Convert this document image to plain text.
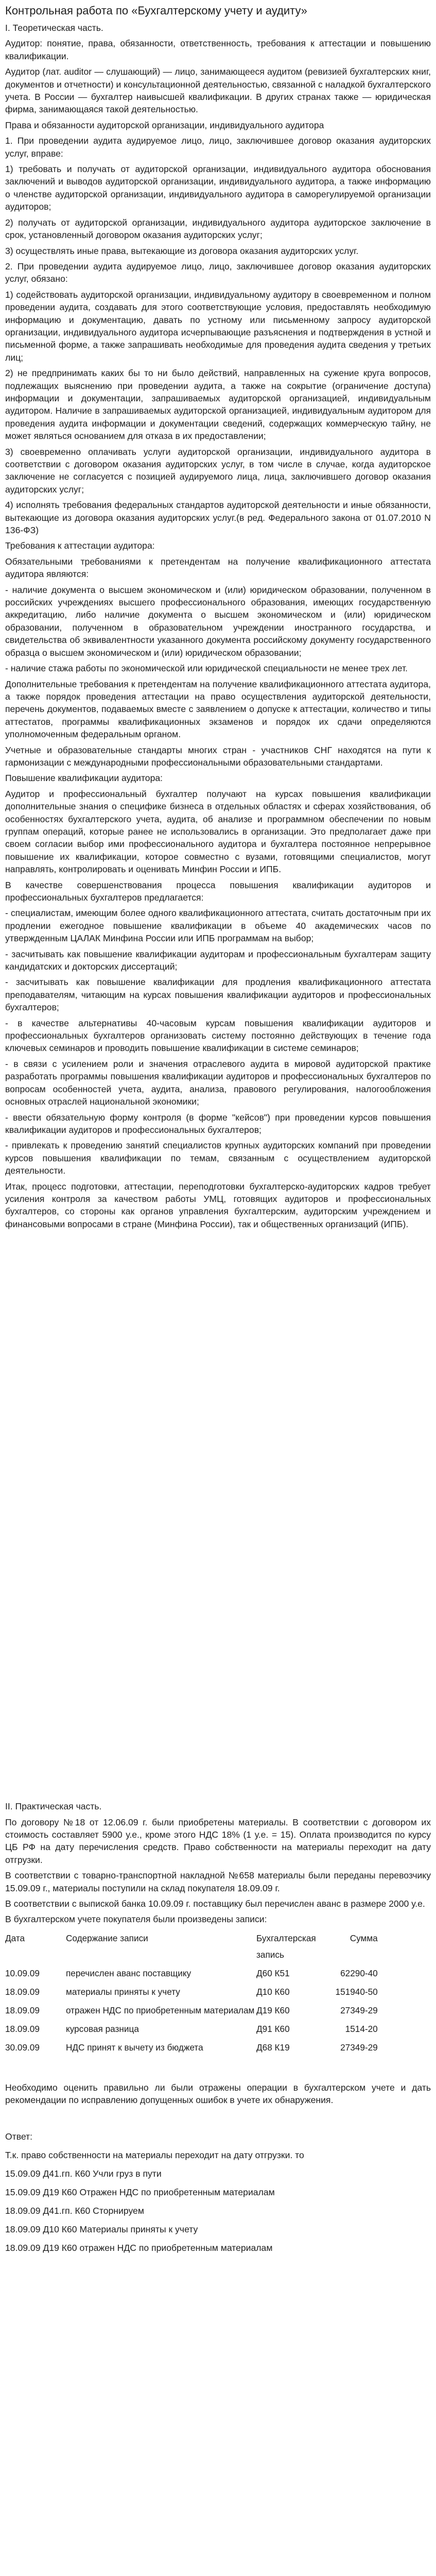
Контрольная работа по «Бухгалтерскому учету и аудиту»
I. Теоретическая часть.
Аудитор: понятие, права, обязанности, ответственность, требования к аттестации и повышению квалификации.
Аудитор (лат. auditor — слушающий) — лицо, занимающееся аудитом (ревизией бухгалтерских книг, документов и отчетности) и консультационной деятельностью, связанной с наладкой бухгалтерского учета. В России — бухгалтер наивысшей квалификации. В других странах также — юридическая фирма, занимающаяся такой деятельностью.
Права и обязанности аудиторской организации, индивидуального аудитора
1. При проведении аудита аудируемое лицо, лицо, заключившее договор оказания аудиторских услуг, вправе:
1) требовать и получать от аудиторской организации, индивидуального аудитора обоснования заключений и выводов аудиторской организации, индивидуального аудитора, а также информацию о членстве аудиторской организации, индивидуального аудитора в саморегулируемой организации аудиторов;
2) получать от аудиторской организации, индивидуального аудитора аудиторское заключение в срок, установленный договором оказания аудиторских услуг;
3) осуществлять иные права, вытекающие из договора оказания аудиторских услуг.
2. При проведении аудита аудируемое лицо, лицо, заключившее договор оказания аудиторских услуг, обязано:
1) содействовать аудиторской организации, индивидуальному аудитору в своевременном и полном проведении аудита, создавать для этого соответствующие условия, предоставлять необходимую информацию и документацию, давать по устному или письменному запросу аудиторской организации, индивидуального аудитора исчерпывающие разъяснения и подтверждения в устной и письменной форме, а также запрашивать необходимые для проведения аудита сведения у третьих лиц;
2) не предпринимать каких бы то ни было действий, направленных на сужение круга вопросов, подлежащих выяснению при проведении аудита, а также на сокрытие (ограничение доступа) информации и документации, запрашиваемых аудиторской организацией, индивидуальным аудитором. Наличие в запрашиваемых аудиторской организацией, индивидуальным аудитором для проведения аудита информации и документации сведений, содержащих коммерческую тайну, не может являться основанием для отказа в их предоставлении;
3) своевременно оплачивать услуги аудиторской организации, индивидуального аудитора в соответствии с договором оказания аудиторских услуг, в том числе в случае, когда аудиторское заключение не согласуется с позицией аудируемого лица, лица, заключившего договор оказания аудиторских услуг;
4) исполнять требования федеральных стандартов аудиторской деятельности и иные обязанности, вытекающие из договора оказания аудиторских услуг.(в ред. Федерального закона от 01.07.2010 N 136-ФЗ)
Требования к аттестации аудитора:
Обязательными требованиями к претендентам на получение квалификационного аттестата аудитора являются:
- наличие документа о высшем экономическом и (или) юридическом образовании, полученном в российских учреждениях высшего профессионального образования, имеющих государственную аккредитацию, либо наличие документа о высшем экономическом и (или) юридическом образовании, полученном в образовательном учреждении иностранного государства, и свидетельства об эквивалентности указанного документа российскому документу государственного образца о высшем экономическом и (или) юридическом образовании;
- наличие стажа работы по экономической или юридической специальности не менее трех лет.
Дополнительные требования к претендентам на получение квалификационного аттестата аудитора, а также порядок проведения аттестации на право осуществления аудиторской деятельности, перечень документов, подаваемых вместе с заявлением о допуске к аттестации, количество и типы аттестатов, программы квалификационных экзаменов и порядок их сдачи определяются уполномоченным федеральным органом.
Учетные и образовательные стандарты многих стран - участников СНГ находятся на пути к гармонизации с международными профессиональными образовательными стандартами.
Повышение квалификации аудитора:
Аудитор и профессиональный бухгалтер получают на курсах повышения квалификации дополнительные знания о специфике бизнеса в отдельных областях и сферах хозяйствования, об особенностях бухгалтерского учета, аудита, об анализе и программном обеспечении по новым группам операций, которые ранее не использовались в организации. Это предполагает даже при своем согласии выбор ими профессионального аудитора и бухгалтера постоянное непрерывное повышение их квалификации, которое совместно с вузами, готовящими специалистов, могут направлять, контролировать и оценивать Минфин России и ИПБ.
В качестве совершенствования процесса повышения квалификации аудиторов и профессиональных бухгалтеров предлагается:
- специалистам, имеющим более одного квалификационного аттестата, считать достаточным при их продлении ежегодное повышение квалификации в объеме 40 академических часов по утвержденным ЦАЛАК Минфина России или ИПБ программам на выбор;
- засчитывать как повышение квалификации аудиторам и профессиональным бухгалтерам защиту кандидатских и докторских диссертаций;
- засчитывать как повышение квалификации для продления квалификационного аттестата преподавателям, читающим на курсах повышения квалификации аудиторов и профессиональных бухгалтеров;
- в качестве альтернативы 40-часовым курсам повышения квалификации аудиторов и профессиональных бухгалтеров организовать систему постоянно действующих в течение года ключевых семинаров и проводить повышение квалификации в системе семинаров;
- в связи с усилением роли и значения отраслевого аудита в мировой аудиторской практике разработать программы повышения квалификации аудиторов и профессиональных бухгалтеров по вопросам особенностей учета, аудита, анализа, правового регулирования, налогообложения основных отраслей национальной экономики;
- ввести обязательную форму контроля (в форме "кейсов") при проведении курсов повышения квалификации аудиторов и профессиональных бухгалтеров;
- привлекать к проведению занятий специалистов крупных аудиторских компаний при проведении курсов повышения квалификации по темам, связанным с осуществлением аудиторской деятельности.
Итак, процесс подготовки, аттестации, переподготовки бухгалтерско-аудиторских кадров требует усиления контроля за качеством работы УМЦ, готовящих аудиторов и профессиональных бухгалтеров, со стороны как органов управления бухгалтерским, аудиторским учреждением и финансовыми вопросами в стране (Минфина России), так и общественных организаций (ИПБ).
II. Практическая часть.
По договору №18 от 12.06.09 г. были приобретены материалы. В соответствии с договором их стоимость составляет 5900 у.е., кроме этого НДС 18% (1 у.е. = 15). Оплата производится по курсу ЦБ РФ на дату перечисления средств. Право собственности на материалы переходит на дату отгрузки.
В соответствии с товарно-транспортной накладной №658 материалы были переданы перевозчику 15.09.09 г., материалы поступили на склад покупателя 18.09.09 г.
В соответствии с выпиской банка 10.09.09 г. поставщику был перечислен аванс в размере 2000 у.е.
В бухгалтерском учете покупателя были произведены записи:
Дата	Содержание записи	Бухгалтерская запись	Сумма
10.09.09	перечислен аванс поставщику	Д60 К51	62290-40
18.09.09	материалы приняты к учету	Д10 К60	151940-50
18.09.09	отражен НДС по приобретенным материалам	Д19 К60	27349-29
18.09.09	курсовая разница	Д91 К60	1514-20
30.09.09	НДС принят к вычету из бюджета	Д68 К19	27349-29
Необходимо оценить правильно ли были отражены операции в бухгалтерском учете и дать рекомендации по исправлению допущенных ошибок в учете их обнаружения.
Ответ:
Т.к. право собственности на материалы переходит на дату отгрузки. то
15.09.09 Д41.гп. К60 Учли груз в пути
15.09.09 Д19 К60 Отражен НДС по приобретенным материалам
18.09.09 Д41.гп. К60 Сторнируем
18.09.09 Д10 К60 Материалы приняты к учету
18.09.09 Д19 К60 отражен НДС по приобретенным материалам
